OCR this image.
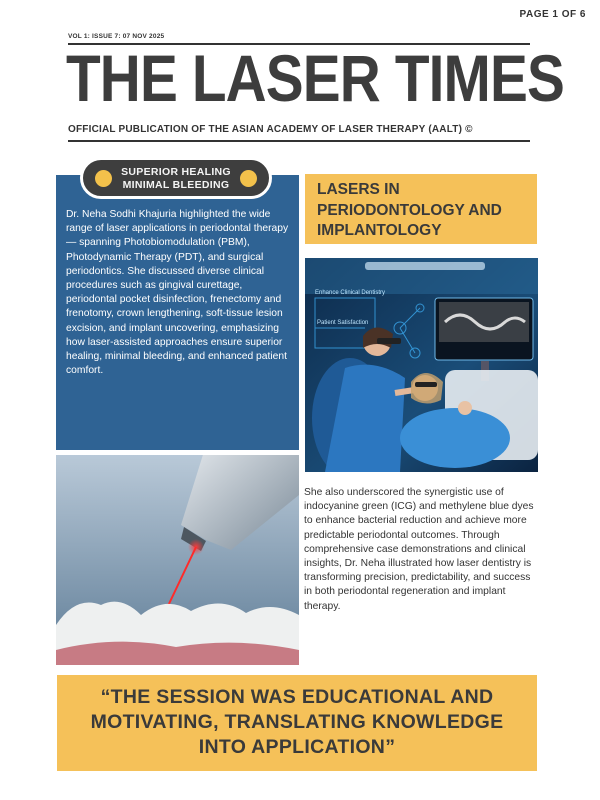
PAGE 1 OF 6
VOL 1: ISSUE 7: 07 NOV 2025
THE LASER TIMES
OFFICIAL PUBLICATION OF THE ASIAN ACADEMY OF LASER THERAPY (AALT) ©
SUPERIOR HEALING
MINIMAL BLEEDING
Dr. Neha Sodhi Khajuria highlighted the wide range of laser applications in periodontal therapy — spanning Photobiomodulation (PBM), Photodynamic Therapy (PDT), and surgical periodontics. She discussed diverse clinical procedures such as gingival curettage, periodontal pocket disinfection, frenectomy and frenotomy, crown lengthening, soft-tissue lesion excision, and implant uncovering, emphasizing how laser-assisted approaches ensure superior healing, minimal bleeding, and enhanced patient comfort.
LASERS IN PERIODONTOLOGY AND IMPLANTOLOGY
Enhance Clinical Dentistry
Patient Satisfaction
She also underscored the synergistic use of indocyanine green (ICG) and methylene blue dyes to enhance bacterial reduction and achieve more predictable periodontal outcomes. Through comprehensive case demonstrations and clinical insights, Dr. Neha illustrated how laser dentistry is transforming precision, predictability, and success in both periodontal regeneration and implant therapy.
“THE SESSION WAS EDUCATIONAL AND MOTIVATING, TRANSLATING KNOWLEDGE INTO APPLICATION”
